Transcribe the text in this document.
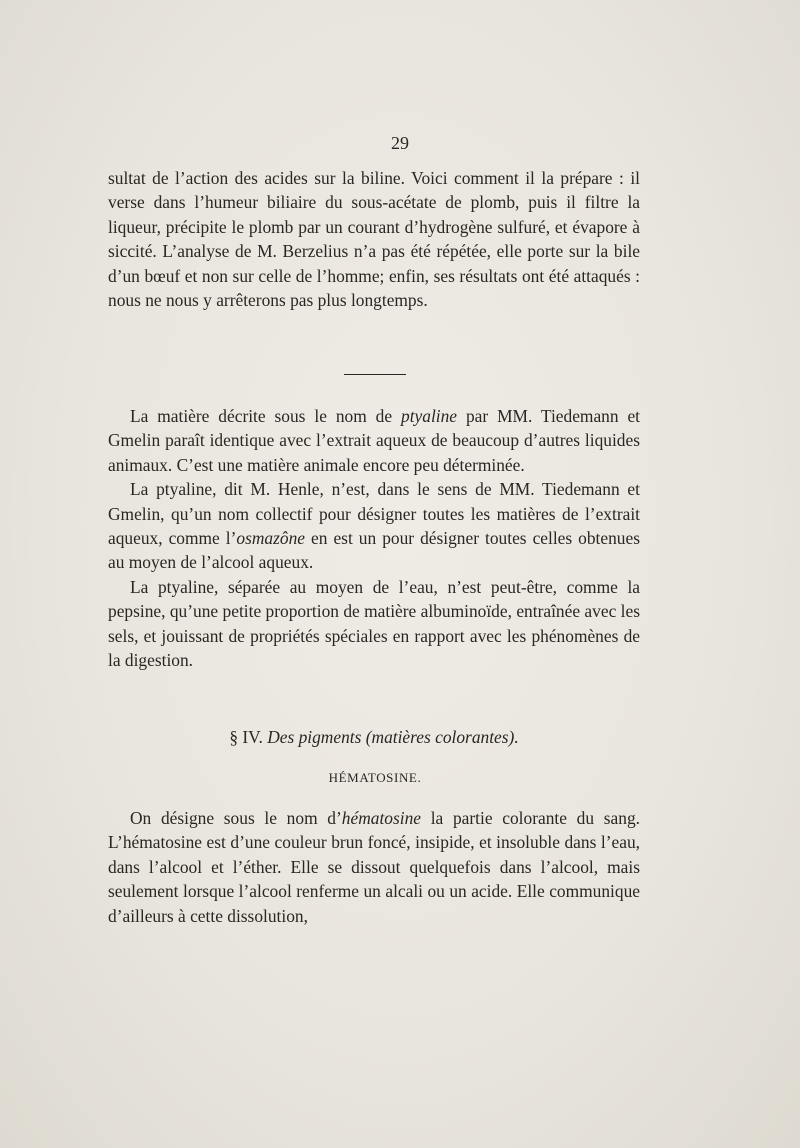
29

sultat de l’action des acides sur la biline. Voici comment il la prépare : il verse dans l’humeur biliaire du sous-acétate de plomb, puis il filtre la liqueur, précipite le plomb par un courant d’hydrogène sulfuré, et évapore à siccité. L’analyse de M. Berzelius n’a pas été répétée, elle porte sur la bile d’un bœuf et non sur celle de l’homme; enfin, ses résultats ont été attaqués : nous ne nous y arrêterons pas plus longtemps.

La matière décrite sous le nom de ptyaline par MM. Tiedemann et Gmelin paraît identique avec l’extrait aqueux de beaucoup d’autres liquides animaux. C’est une matière animale encore peu déterminée.

La ptyaline, dit M. Henle, n’est, dans le sens de MM. Tiedemann et Gmelin, qu’un nom collectif pour désigner toutes les matières de l’extrait aqueux, comme l’osmazône en est un pour désigner toutes celles obtenues au moyen de l’alcool aqueux.

La ptyaline, séparée au moyen de l’eau, n’est peut-être, comme la pepsine, qu’une petite proportion de matière albuminoïde, entraînée avec les sels, et jouissant de propriétés spéciales en rapport avec les phénomènes de la digestion.

§ IV. Des pigments (matières colorantes).
HÉMATOSINE.

On désigne sous le nom d’hématosine la partie colorante du sang. L’hématosine est d’une couleur brun foncé, insipide, et insoluble dans l’eau, dans l’alcool et l’éther. Elle se dissout quelquefois dans l’alcool, mais seulement lorsque l’alcool renferme un alcali ou un acide. Elle communique d’ailleurs à cette dissolution,
